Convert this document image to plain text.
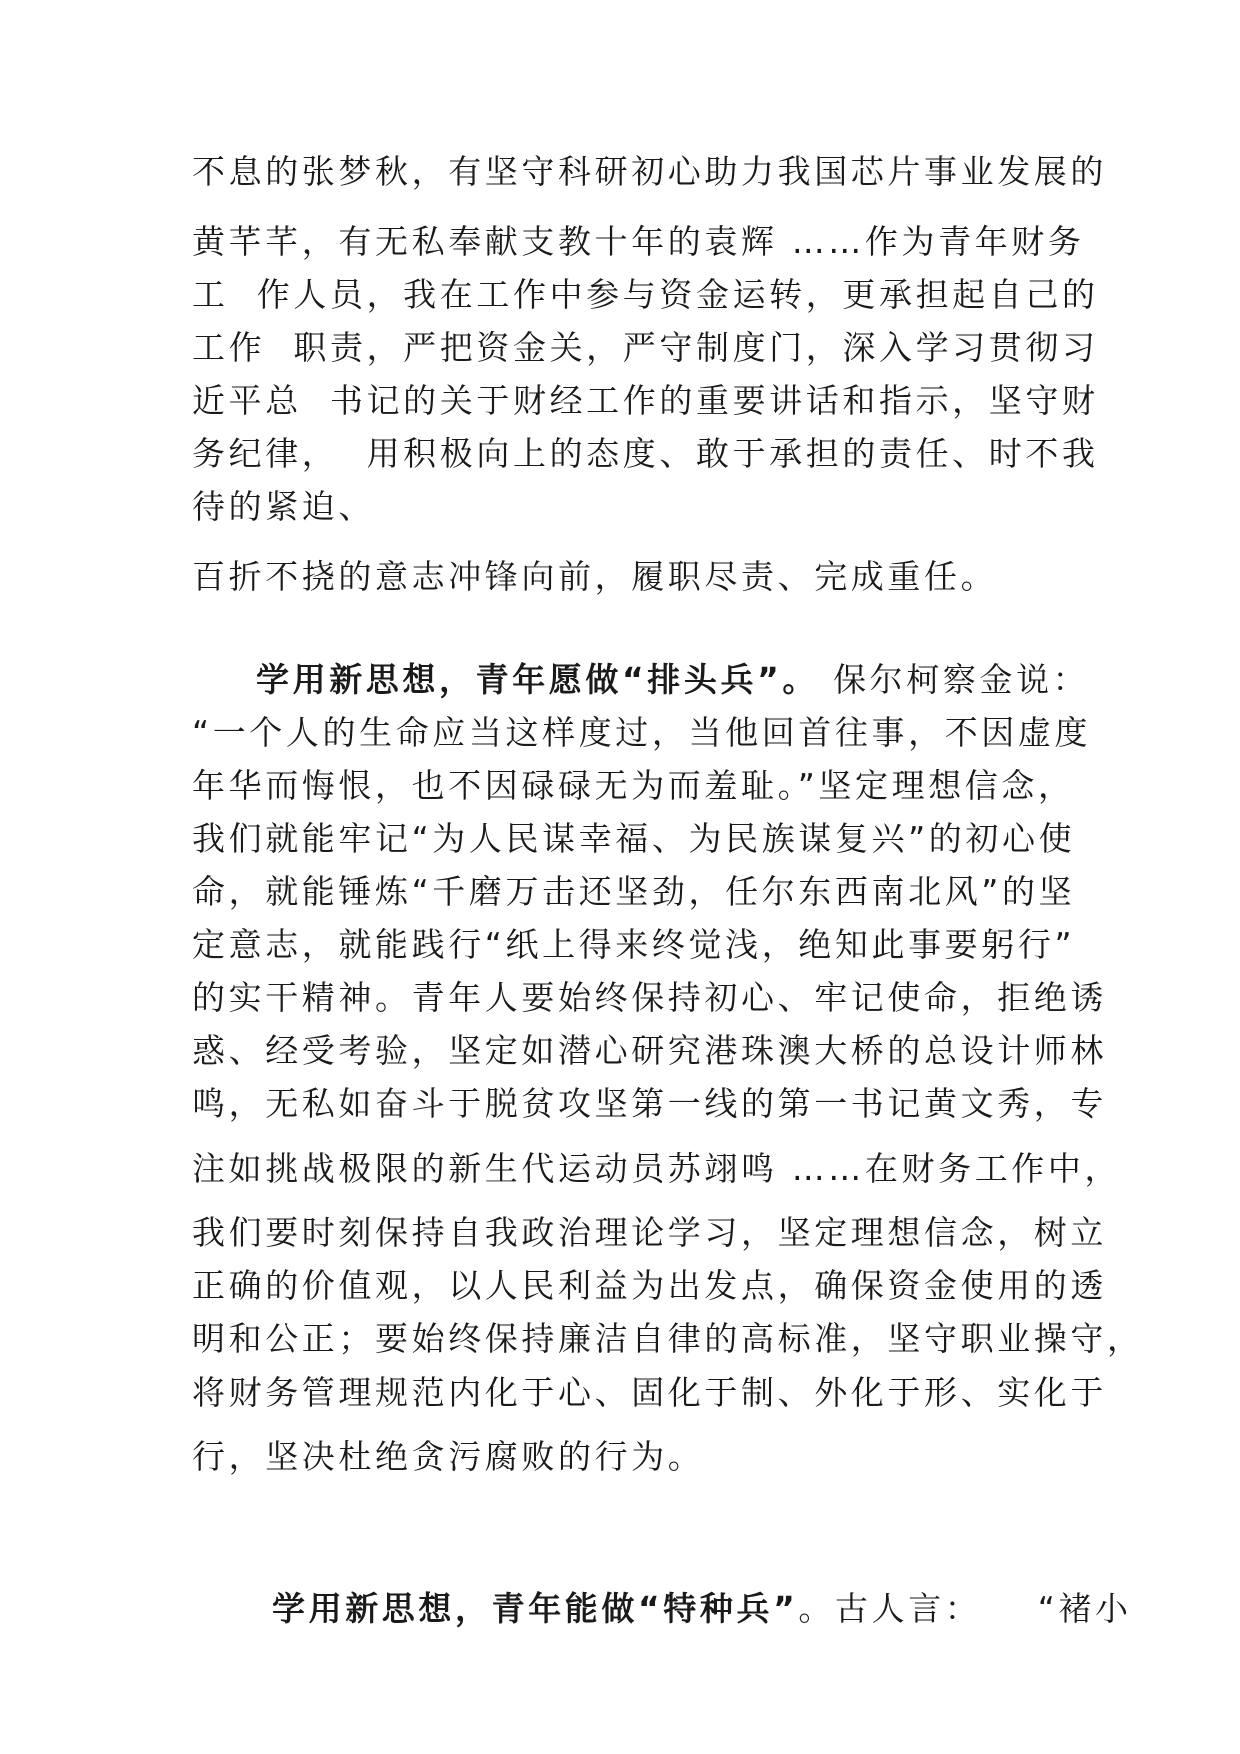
不息的张梦秋，有坚守科研初心助力我国芯片事业发展的
黄芊芊，有无私奉献支教十年的袁辉 ……作为青年财务
工  作人员，我在工作中参与资金运转，更承担起自己的
工作  职责，严把资金关，严守制度门，深入学习贯彻习
近平总  书记的关于财经工作的重要讲话和指示，坚守财
务纪律，  用积极向上的态度、敢于承担的责任、时不我
待的紧迫、
百折不挠的意志冲锋向前，履职尽责、完成重任。
学用新思想，青年愿做“排头兵”。 保尔柯察金说：
“一个人的生命应当这样度过，当他回首往事，不因虚度
年华而悔恨，也不因碌碌无为而羞耻。”坚定理想信念，
我们就能牢记“为人民谋幸福、为民族谋复兴”的初心使
命，就能锤炼“千磨万击还坚劲，任尔东西南北风”的坚
定意志，就能践行“纸上得来终觉浅，绝知此事要躬行”
的实干精神。青年人要始终保持初心、牢记使命，拒绝诱
惑、经受考验，坚定如潜心研究港珠澳大桥的总设计师林
鸣，无私如奋斗于脱贫攻坚第一线的第一书记黄文秀，专
注如挑战极限的新生代运动员苏翊鸣 ……在财务工作中，
我们要时刻保持自我政治理论学习，坚定理想信念，树立
正确的价值观，以人民利益为出发点，确保资金使用的透
明和公正；要始终保持廉洁自律的高标准，坚守职业操守，
将财务管理规范内化于心、固化于制、外化于形、实化于
行，坚决杜绝贪污腐败的行为。
学用新思想，青年能做“特种兵”。古人言：    “褚小
